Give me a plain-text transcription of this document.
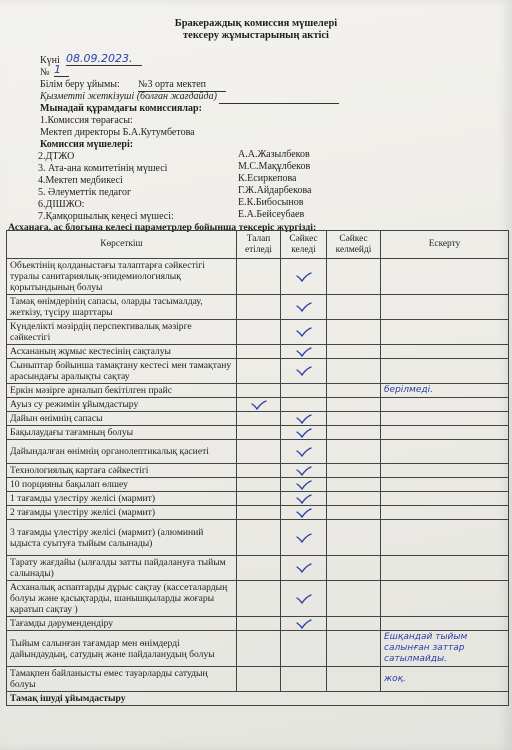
Бракераждық комиссия мүшелері
тексеру жұмыстарының актісі
Күні 08.09.2023.
№ 1
Білім беру ұйымы: №3 орта мектеп
Қызметті жеткізуші (болған жағдайда)
Мынадай құрамдағы комиссиялар:
1.Комиссия төрағасы:
Мектеп директоры Б.А.Кутумбетова
Комиссия мүшелері:
2.ДТЖО	А.А.Жазылбеков
3. Ата-ана комитетінің мүшесі	М.С.Мақұлбеков
4.Мектеп медбикесі	К.Есиркепова
5. Әлеуметтік педагог	Г.Ж.Айдарбекова
6.ДІШЖО:	Е.К.Бибосынов
7.Қамқоршылық кеңесі мүшесі:	Е.А.Бейсеубаев
Асханаға, ас блогына келесі параметрлер бойынша тексеріс жүргізді:
Көрсеткіш	Талап етіледі	Сәйкес келеді	Сәйкес келмейді	Ескерту
Объектінің қолданыстағы талаптарға сәйкестігі туралы санитариялық-эпидемиологиялық қорытындының болуы		

Тамақ өнімдерінің сапасы, оларды тасымалдау, жеткізу, түсіру шарттары		

Күнделікті мәзірдің перспективалық мәзірге сәйкестігі		

Асхананың жұмыс кестесінің сақталуы		

Сыныптар бойынша тамақтану кестесі мен тамақтану арасындағы аралықты сақтау		

Еркін мәзірге арналып бекітілген прайс				берілмеді.
Ауыз су режимін ұйымдастыру	

Дайын өнімнің сапасы		

Бақылаудағы тағамның болуы		

Дайындалған өнімнің органолептикалық қасиеті		

Технологиялық картаға сәйкестігі		

10 порцияны бақылап өлшеу		

1 тағамды үлестіру желісі (мармит)		

2 тағамды үлестіру желісі (мармит)		

3 тағамды үлестіру желісі (мармит) (алюминий ыдыста суытуға тыйым салынады)		

Тарату жағдайы (ылғалды затты пайдалануға тыйым салынады)		

Асханалық аспаптарды дұрыс сақтау (кассеталардың болуы және қасықтарды, шанышқыларды жоғары қаратып сақтау )		

Тағамды дәрумендендіру		

Тыйым салынған тағамдар мен өнімдерді дайындаудың, сатудың және пайдаланудың болуы				Ешқандай тыйым салынған заттар сатылмайды.
Тамақпен байланысты емес тауарларды сатудың болуы				жоқ.
Тамақ ішуді ұйымдастыру				
